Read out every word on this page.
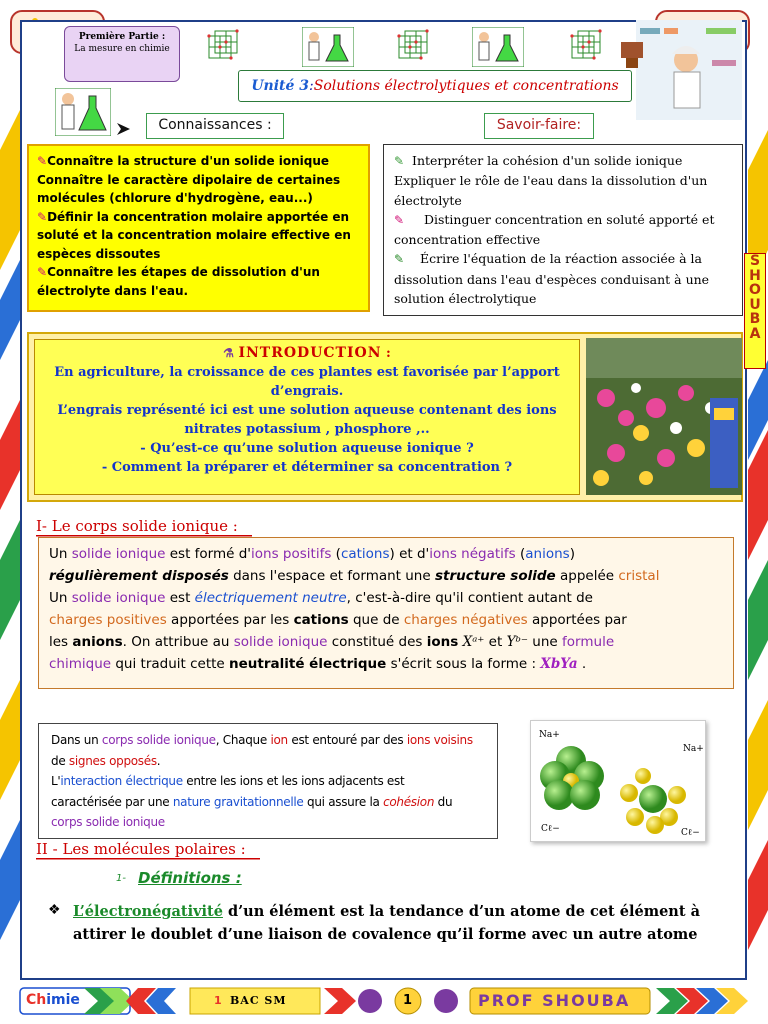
Première Partie :
La mesure en chimie
Unité 3:Solutions électrolytiques et concentrations
Connaissances :	Savoir-faire:
✎Connaître la structure d'un solide ionique
Connaître le caractère dipolaire de certaines molécules (chlorure d'hydrogène, eau...)
✎Définir la concentration molaire apportée en soluté et la concentration molaire effective en espèces dissoutes
✎Connaître les étapes de dissolution d'un électrolyte dans l'eau.
✎ Interpréter la cohésion d'un solide ionique
Expliquer le rôle de l'eau dans la dissolution d'un électrolyte
✎ Distinguer concentration en soluté apporté et concentration effective
✎ Écrire l'équation de la réaction associée à la dissolution dans l'eau d'espèces conduisant à une solution électrolytique
SHOUBA
⚗ INTRODUCTION :
En agriculture, la croissance de ces plantes est favorisée par l’apport d’engrais.
L’engrais représenté ici est une solution aqueuse contenant des ions nitrates potassium , phosphore ,..
- Qu’est-ce qu’une solution aqueuse ionique ?
- Comment la préparer et déterminer sa concentration ?
I- Le corps solide ionique :
Un solide ionique est formé d'ions positifs (cations) et d'ions négatifs (anions)
régulièrement disposés dans l'espace et formant une structure solide appelée cristal
Un solide ionique est électriquement neutre, c'est-à-dire qu'il contient autant de
charges positives apportées par les cations que de charges négatives apportées par
les anions. On attribue au solide ionique constitué des ions Xᵃ⁺ et Yᵇ⁻ une formule
chimique qui traduit cette neutralité électrique s'écrit sous la forme : XbYa .
Dans un corps solide ionique, Chaque ion est entouré par des ions voisins
de signes opposés.
L'interaction électrique entre les ions et les ions adjacents est
caractérisée par une nature gravitationnelle qui assure la cohésion du
corps solide ionique
Na+
Na+
Cℓ−	Cℓ−
II - Les molécules polaires :
1- Définitions :
❖ L’électronégativité d’un élément est la tendance d’un atome de cet élément à attirer le doublet d’une liaison de covalence qu’il forme avec un autre atome
Chimie	1 BAC SM	1	PROF SHOUBA
